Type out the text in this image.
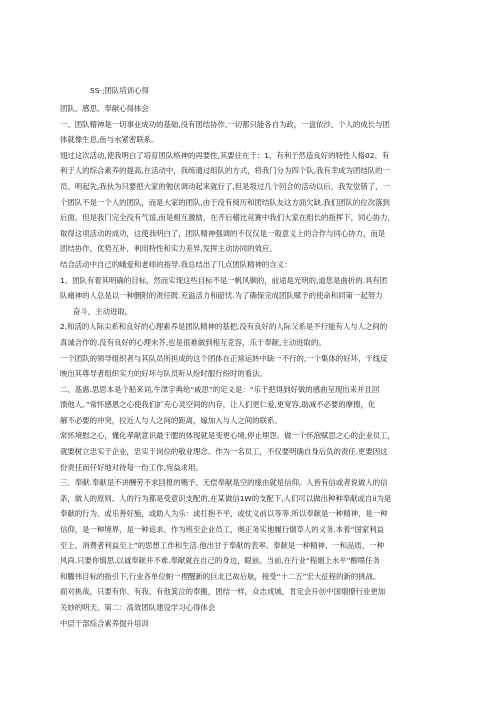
SS-;团队培训心得

团队、感思、奉献心得体会

一、团队精神是一切事业成功的基础,没有团结协作,一切都只能各自为政，一盘依沙。个人的成长与团

体就像生息,鱼与水紧密联系。

翅过这次活动,使我明白了培育团队格神的再要性,其要住在于：1、有利于然造良好的特性人格02、有

利于人的综合素养的提高,在活动中，我练通过组队的方式，将我门分为四个队,我有幸成为团结队的一

员。明起先,我伙为只要把大家的勉伏调动起来就行了,但是圾过几个回合的活动以后，我发觉错了，一

个团队不是一个人的团队，而是大家的团队,由于没有阅历和团结队友这方面欠缺.我们团队的位次落到

后面。但是我门完全没有气馁,而是相互激励，在齐后稽比竞赛中我们大家在组长的指挥下，同心协力，

取得这项活动的成功，这使我明白了，团队精神强调的不仅仅是一般意义上的合作与同心协力，而是

团结协作，优势互补，利用特性和实力差异,发挥主动协同的效应。

结合活动中自己的峨爱和老师的指导.我总结出了几点团队精神的含义：

1、团队有着其明确的目标，然而实现这些目标不是一帆风顺的，前途是光明的,道您是曲折的.具有团

队痛神的人总是以一种删附的责任既.充溢活力和韶忧.为了确保完成团队赋予的使命和同第一起努力

奋斗，主动进取，

2,和活的人际尖系和良好的心理素养是团队精神的基把,没有良好的人际父系是不行能有人与人之间的

真诚合作的.没有良好的心理未芥,也是很难做到相互克容，乐于奉献,主动进取的。

一个团队的领导组织者与其队员所担成的这个团体在正常运转中缺一不行的,一个集体的好坏，干线反

映出其尊导者组织实力的好坏与队员听从纷时服行纷时的看法。

二、基惠.思思本是个船来词,牛津字典给“戚思”的定义是：“乐于把得到好做的感曲呈现出来并且回

馈他人。”常怀感恩之心使我们扩充心灵空间的内存，让人们更仁爱,更宽容,助减不必要的摩擦，化

解不必要的冲突，拉近人与人之间的距离，嫁加入与人之间的联系。

常怀境慰之心，懂化孝献意识最干腮的体现就是变更心境,停止埋怨。做一个怀泡赋思之心的企业员工，

就要树立忠实于企业，忠实于岗位的敬业理念。作为一名员工，不仅要明确自身后负的责任.更要因这

份责任而仔好地对待每一份工作,宛益求用。

三、奉献.奉献是不讲酬劳不求回报的赐予。无偿奉献是空的缘由就是信仰。人皆有信或者说做人的信

条，做人的原则。人的行为都是受意识支配的,在某做信1W的支配下,人们可以做出种种奉献或自ii为是

奉献的行为。或乐善好施，或助人为乐：或打抱不平，或仗义前以等等.所以奉献是一种精神，是一种

信仰，是一种境界，是一种追求。作为班至企业员工，奥正务实地履行烟草人的义务.本着“国家利益

至上、消费者利益至上”的思想工作和生活.他出甘于奉献的表率。奉献是一种精神、一和品质、一种

风尚.只要你慎思.以诚奉献并不难.奉献就在自己的身边，眼前。当前,在行业“程姻上水平”酸喷任务

和騰伟目标的指引下,行业各单位帕一禊醒新的巨北已故后航，接受“十二五”宏大征程的新的挑战。

面对挑战，只要有你、有我、有他箕泣的奉搬，团结一样，众志成城，肯定会开创中国烟僚行业更加

关妙的明天。第二：高效团队建设学习心得体会

中层干部综合素养提升培训
